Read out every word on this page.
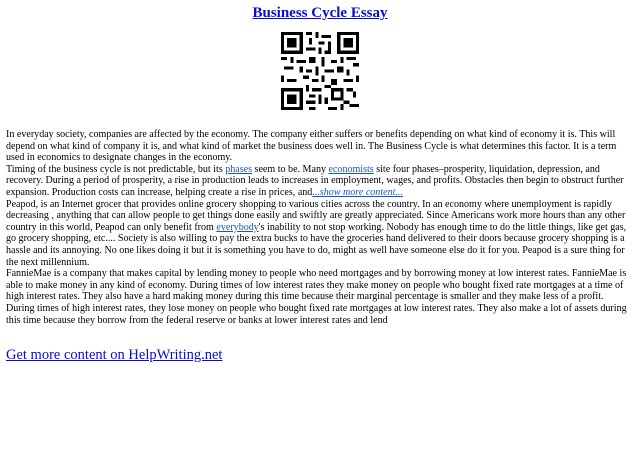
Business Cycle Essay

In everyday society, companies are affected by the economy. The company either suffers or benefits depending on what kind of economy it is. This will depend on what kind of company it is, and what kind of market the business does well in. The Business Cycle is what determines this factor. It is a term used in economics to designate changes in the economy.

Timing of the business cycle is not predictable, but its phases seem to be. Many economists site four phases–prosperity, liquidation, depression, and recovery. During a period of prosperity, a rise in production leads to increases in employment, wages, and profits. Obstacles then begin to obstruct further expansion. Production costs can increase, helping create a rise in prices, and...show more content...

Peapod, is an Internet grocer that provides online grocery shopping to various cities across the country. In an economy where unemployment is rapidly decreasing , anything that can allow people to get things done easily and swiftly are greatly appreciated. Since Americans work more hours than any other country in this world, Peapod can only benefit from everybody's inability to not stop working. Nobody has enough time to do the little things, like get gas, go grocery shopping, etc.... Society is also willing to pay the extra bucks to have the groceries hand delivered to their doors because grocery shopping is a hassle and its annoying. No one likes doing it but it is something you have to do, might as well have someone else do it for you. Peapod is a sure thing for the next millennium.

FannieMae is a company that makes capital by lending money to people who need mortgages and by borrowing money at low interest rates. FannieMae is able to make money in any kind of economy. During times of low interest rates they make money on people who bought fixed rate mortgages at a time of high interest rates. They also have a hard making money during this time because their marginal percentage is smaller and they make less of a profit. During times of high interest rates, they lose money on people who bought fixed rate mortgages at low interest rates. They also make a lot of assets during this time because they borrow from the federal reserve or banks at lower interest rates and lend

Get more content on HelpWriting.net
